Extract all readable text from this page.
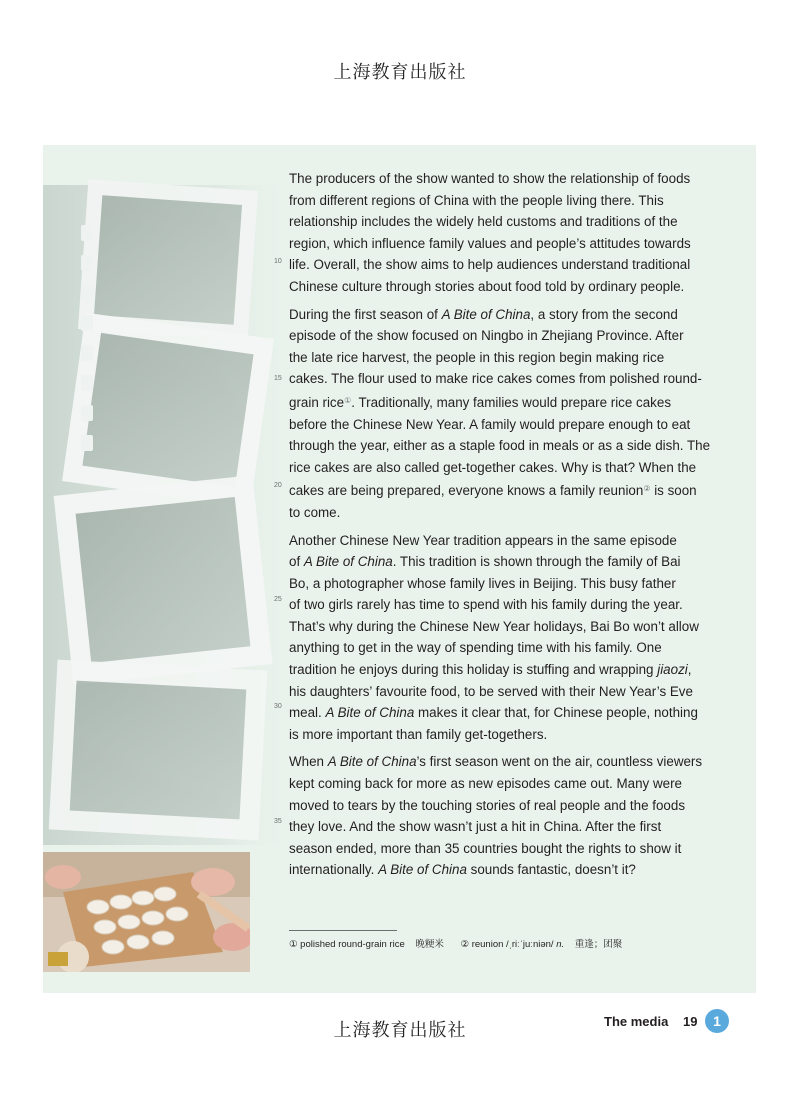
上海教育出版社
10
15
20
25
30
35

The producers of the show wanted to show the relationship of foods
from different regions of China with the people living there. This
relationship includes the widely held customs and traditions of the
region, which influence family values and people’s attitudes towards
life. Overall, the show aims to help audiences understand traditional
Chinese culture through stories about food told by ordinary people.

During the first season of A Bite of China, a story from the second
episode of the show focused on Ningbo in Zhejiang Province. After
the late rice harvest, the people in this region begin making rice
cakes. The flour used to make rice cakes comes from polished round-
grain rice①. Traditionally, many families would prepare rice cakes
before the Chinese New Year. A family would prepare enough to eat
through the year, either as a staple food in meals or as a side dish. The
rice cakes are also called get-together cakes. Why is that? When the
cakes are being prepared, everyone knows a family reunion② is soon
to come.

Another Chinese New Year tradition appears in the same episode
of A Bite of China. This tradition is shown through the family of Bai
Bo, a photographer whose family lives in Beijing. This busy father
of two girls rarely has time to spend with his family during the year.
That’s why during the Chinese New Year holidays, Bai Bo won’t allow
anything to get in the way of spending time with his family. One
tradition he enjoys during this holiday is stuffing and wrapping jiaozi,
his daughters’ favourite food, to be served with their New Year’s Eve
meal. A Bite of China makes it clear that, for Chinese people, nothing
is more important than family get-togethers.

When A Bite of China’s first season went on the air, countless viewers
kept coming back for more as new episodes came out. Many were
moved to tears by the touching stories of real people and the foods
they love. And the show wasn’t just a hit in China. After the first
season ended, more than 35 countries bought the rights to show it
internationally. A Bite of China sounds fantastic, doesn’t it?

① polished round-grain rice 晚粳米 ② reunion /ˌriːˈjuːniən/ n. 重逢；团聚
上海教育出版社	The media 19	1
